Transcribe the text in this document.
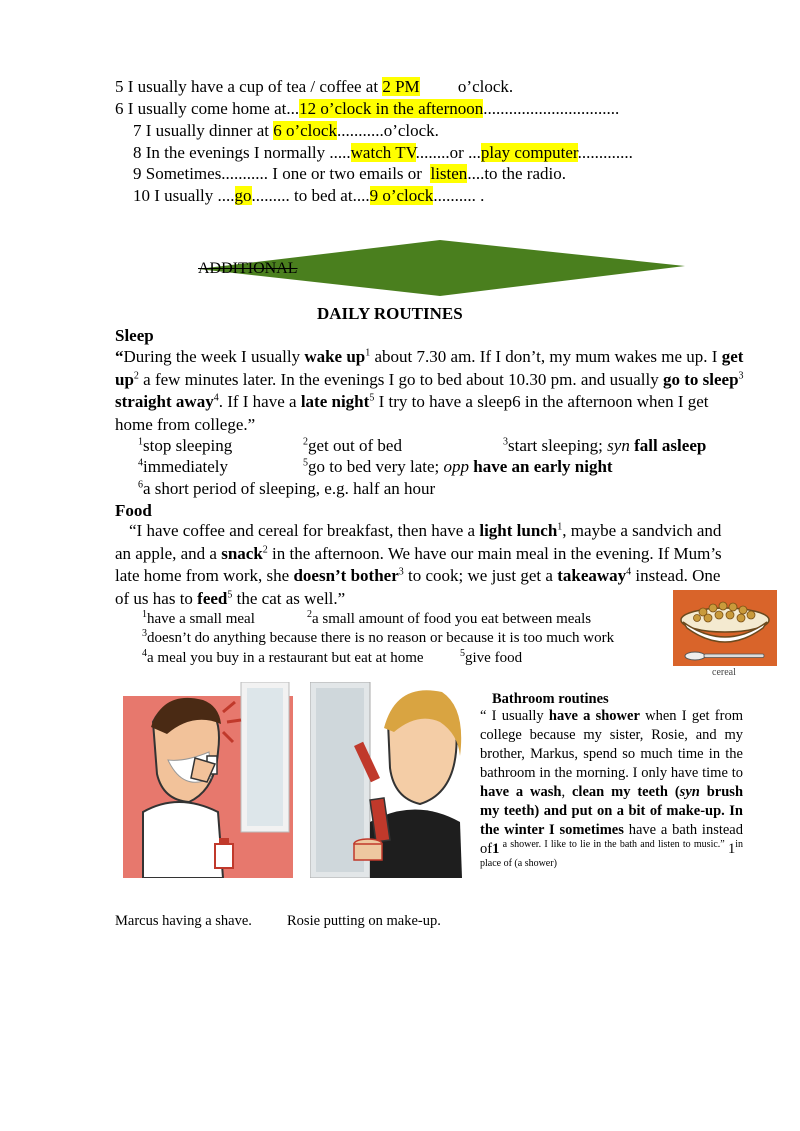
5 I usually have a cup of tea / coffee at 2 PM         o’clock.
6 I usually come home at...12 o’clock in the afternoon................................
7 I usually dinner at 6 o’clock...........o’clock.
8 In the evenings I normally .....watch TV........or ...play computer.............
9 Sometimes........... I one or two emails or  listen....to the radio.
10 I usually ....go......... to bed at....9 o’clock.......... .
ADDITIONAL
DAILY ROUTINES
Sleep
“During the week I usually wake $up^1$ about 7.30 am. If I don’t, my mum wakes me up. I get $up^2$ a few minutes later. In the evenings I go to bed about 10.30 pm. and usually go to sleep$^3$ straight away$^4$. If I have a late night$^5$ I try to have a sleep6 in the afternoon when I get home from college.”
$^1$stop sleeping	$^2$get out of bed	$^3$start sleeping; syn fall asleep
$^4$immediately	$^5$go to bed very late; opp have an early night
$^6$a short period of sleeping, e.g. half an hour
Food
“I have coffee and cereal for breakfast, then have a light lunch$^1$, maybe a sandvich and an apple, and a snack$^2$ in the afternoon. We have our main meal in the evening. If Mum’s late home from work, she doesn’t bother$^3$ to cook; we just get a takeaway$^4$ instead. One of us has to feed$^5$ the cat as well.”
$^1$have a small meal	$^2$a small amount of food you eat between meals
$^3$doesn’t do anything because there is no reason or because it is too much work
$^4$a meal you buy in a restaurant but eat at home	$^5$give food
cereal
Bathroom routines
“ I usually have a shower when I get from college because my sister, Rosie, and my brother, Markus, spend so much time in the bathroom in the morning. I only have time to have a wash, clean my teeth (syn brush my teeth) and put on a bit of make-up. In the winter I sometimes have a bath instead of1 $^{a shower. I like to lie in the bath and listen to music.”}$ $1^{in place of (a shower)}$
Marcus having a shave. Rosie putting on make-up.
